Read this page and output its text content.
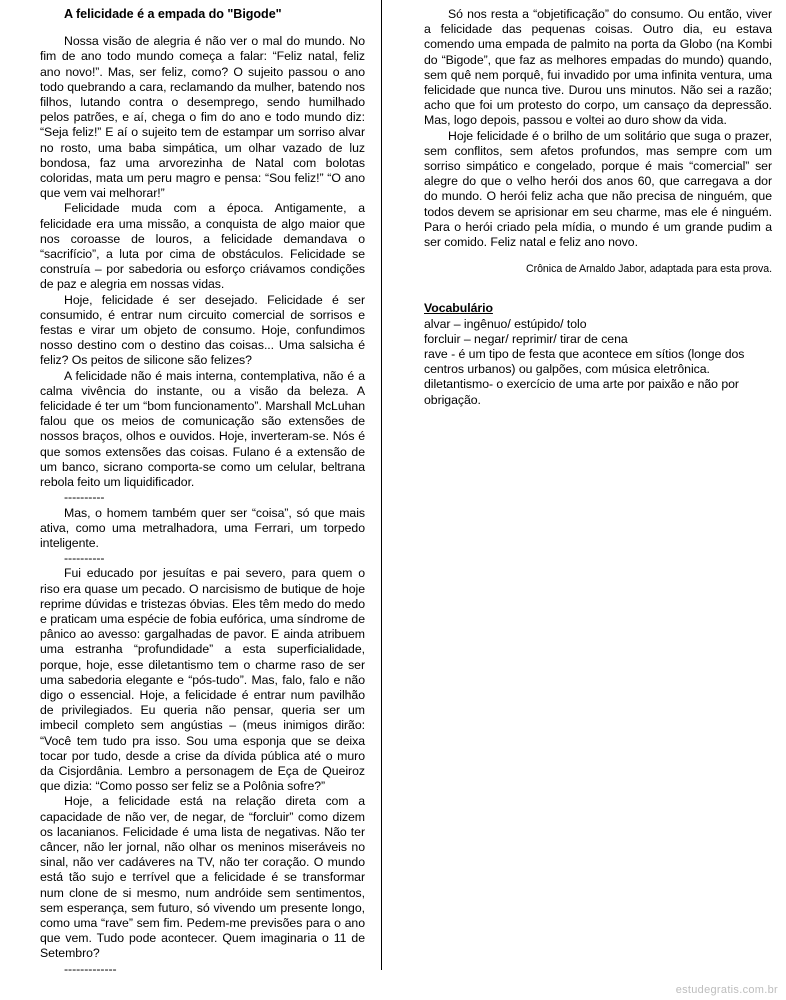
A felicidade é a empada do "Bigode"
Nossa visão de alegria é não ver o mal do mundo. No fim de ano todo mundo começa a falar: “Feliz natal, feliz ano novo!”. Mas, ser feliz, como? O sujeito passou o ano todo quebrando a cara, reclamando da mulher, batendo nos filhos, lutando contra o desemprego, sendo humilhado pelos patrões, e aí, chega o fim do ano e todo mundo diz: “Seja feliz!” E aí o sujeito tem de estampar um sorriso alvar no rosto, uma baba simpática, um olhar vazado de luz bondosa, faz uma arvorezinha de Natal com bolotas coloridas, mata um peru magro e pensa: “Sou feliz!” “O ano que vem vai melhorar!”
Felicidade muda com a época. Antigamente, a felicidade era uma missão, a conquista de algo maior que nos coroasse de louros, a felicidade demandava o “sacrifício”, a luta por cima de obstáculos. Felicidade se construía – por sabedoria ou esforço criávamos condições de paz e alegria em nossas vidas.
Hoje, felicidade é ser desejado. Felicidade é ser consumido, é entrar num circuito comercial de sorrisos e festas e virar um objeto de consumo. Hoje, confundimos nosso destino com o destino das coisas... Uma salsicha é feliz? Os peitos de silicone são felizes?
A felicidade não é mais interna, contemplativa, não é a calma vivência do instante, ou a visão da beleza. A felicidade é ter um “bom funcionamento”. Marshall McLuhan falou que os meios de comunicação são extensões de nossos braços, olhos e ouvidos. Hoje, inverteram-se. Nós é que somos extensões das coisas. Fulano é a extensão de um banco, sicrano comporta-se como um celular, beltrana rebola feito um liquidificador.
----------
Mas, o homem também quer ser “coisa”, só que mais ativa, como uma metralhadora, uma Ferrari, um torpedo inteligente.
----------
Fui educado por jesuítas e pai severo, para quem o riso era quase um pecado. O narcisismo de butique de hoje reprime dúvidas e tristezas óbvias. Eles têm medo do medo e praticam uma espécie de fobia eufórica, uma síndrome de pânico ao avesso: gargalhadas de pavor. E ainda atribuem uma estranha “profundidade” a esta superficialidade, porque, hoje, esse diletantismo tem o charme raso de ser uma sabedoria elegante e “pós-tudo”. Mas, falo, falo e não digo o essencial. Hoje, a felicidade é entrar num pavilhão de privilegiados. Eu queria não pensar, queria ser um imbecil completo sem angústias – (meus inimigos dirão: “Você tem tudo pra isso. Sou uma esponja que se deixa tocar por tudo, desde a crise da dívida pública até o muro da Cisjordânia. Lembro a personagem de Eça de Queiroz que dizia: “Como posso ser feliz se a Polônia sofre?”
Hoje, a felicidade está na relação direta com a capacidade de não ver, de negar, de “forcluir” como dizem os lacanianos. Felicidade é uma lista de negativas. Não ter câncer, não ler jornal, não olhar os meninos miseráveis no sinal, não ver cadáveres na TV, não ter coração. O mundo está tão sujo e terrível que a felicidade é se transformar num clone de si mesmo, num andróide sem sentimentos, sem esperança, sem futuro, só vivendo um presente longo, como uma “rave” sem fim. Pedem-me previsões para o ano que vem. Tudo pode acontecer. Quem imaginaria o 11 de Setembro?
-------------
Só nos resta a “objetificação” do consumo. Ou então, viver a felicidade das pequenas coisas. Outro dia, eu estava comendo uma empada de palmito na porta da Globo (na Kombi do “Bigode”, que faz as melhores empadas do mundo) quando, sem quê nem porquê, fui invadido por uma infinita ventura, uma felicidade que nunca tive. Durou uns minutos. Não sei a razão; acho que foi um protesto do corpo, um cansaço da depressão. Mas, logo depois, passou e voltei ao duro show da vida.
Hoje felicidade é o brilho de um solitário que suga o prazer, sem conflitos, sem afetos profundos, mas sempre com um sorriso simpático e congelado, porque é mais “comercial” ser alegre do que o velho herói dos anos 60, que carregava a dor do mundo. O herói feliz acha que não precisa de ninguém, que todos devem se aprisionar em seu charme, mas ele é ninguém. Para o herói criado pela mídia, o mundo é um grande pudim a ser comido. Feliz natal e feliz ano novo.
Crônica de Arnaldo Jabor, adaptada para esta prova.
Vocabulário
alvar – ingênuo/ estúpido/ tolo
forcluir – negar/ reprimir/ tirar de cena
rave - é um tipo de festa que acontece em sítios (longe dos centros urbanos) ou galpões, com música eletrônica.
diletantismo- o exercício de uma arte por paixão e não por obrigação.
estudegratis.com.br
